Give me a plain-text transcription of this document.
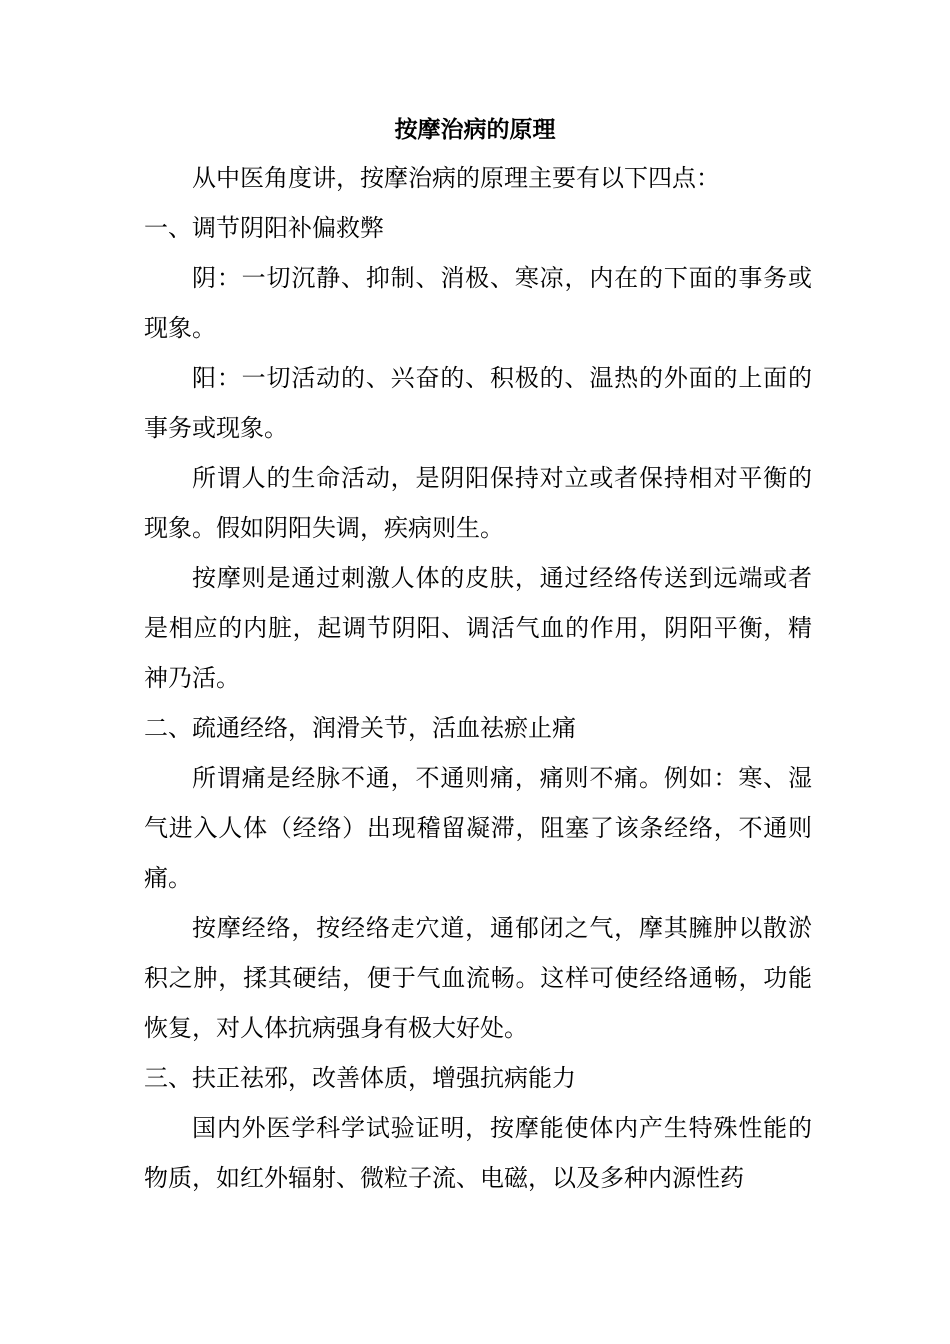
按摩治病的原理

从中医角度讲，按摩治病的原理主要有以下四点：

一、调节阴阳补偏救弊

阴：一切沉静、抑制、消极、寒凉，内在的下面的事务或现象。

阳：一切活动的、兴奋的、积极的、温热的外面的上面的事务或现象。

所谓人的生命活动，是阴阳保持对立或者保持相对平衡的现象。假如阴阳失调，疾病则生。

按摩则是通过刺激人体的皮肤，通过经络传送到远端或者是相应的内脏，起调节阴阳、调活气血的作用，阴阳平衡，精神乃活。

二、疏通经络，润滑关节，活血祛瘀止痛

所谓痛是经脉不通，不通则痛，痛则不痛。例如：寒、湿气进入人体（经络）出现稽留凝滞，阻塞了该条经络，不通则痛。

按摩经络，按经络走穴道，通郁闭之气，摩其臃肿以散淤积之肿，揉其硬结，便于气血流畅。这样可使经络通畅，功能恢复，对人体抗病强身有极大好处。

三、扶正祛邪，改善体质，增强抗病能力

国内外医学科学试验证明，按摩能使体内产生特殊性能的物质，如红外辐射、微粒子流、电磁，以及多种内源性药
